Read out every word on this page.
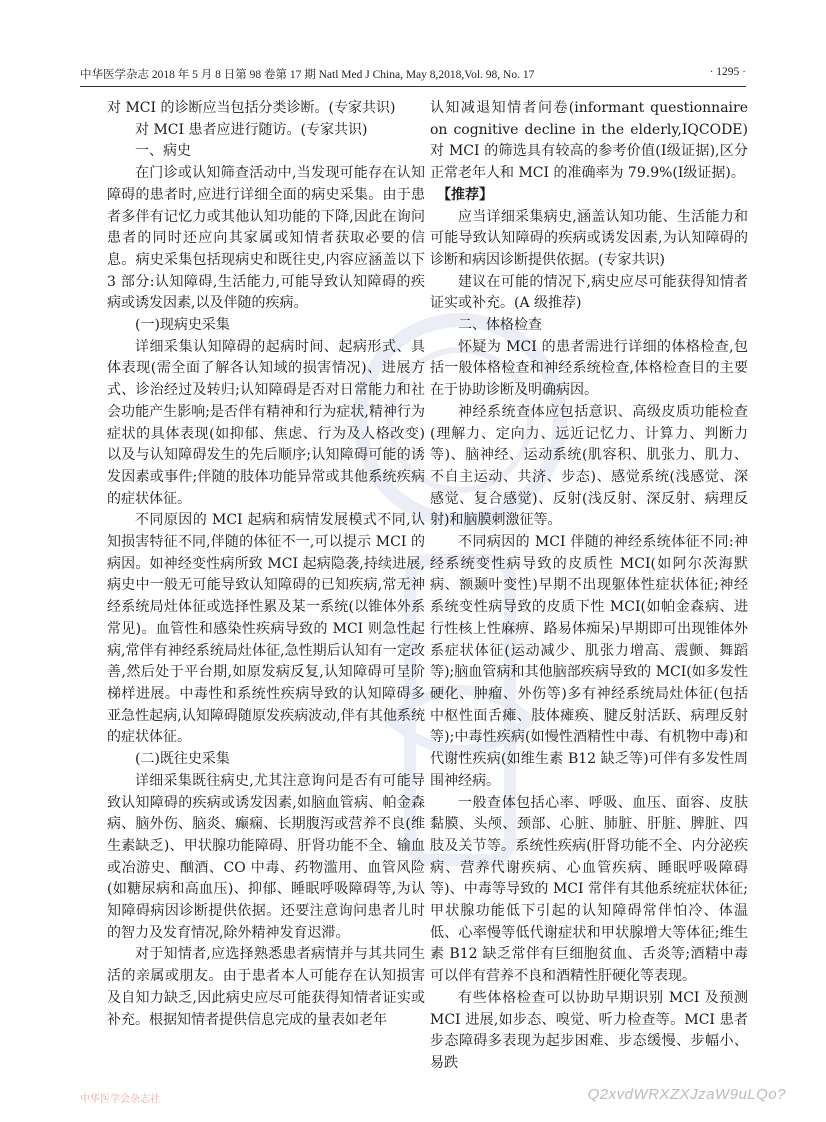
中华医学杂志 2018 年 5 月 8 日第 98 卷第 17 期 Natl Med J China, May 8,2018,Vol. 98, No. 17	· 1295 ·

对 MCI 的诊断应当包括分类诊断。(专家共识)

对 MCI 患者应进行随访。(专家共识)

一、病史

在门诊或认知筛查活动中,当发现可能存在认知障碍的患者时,应进行详细全面的病史采集。由于患者多伴有记忆力或其他认知功能的下降,因此在询问患者的同时还应向其家属或知情者获取必要的信息。病史采集包括现病史和既往史,内容应涵盖以下 3 部分:认知障碍,生活能力,可能导致认知障碍的疾病或诱发因素,以及伴随的疾病。

(一)现病史采集

详细采集认知障碍的起病时间、起病形式、具体表现(需全面了解各认知域的损害情况)、进展方式、诊治经过及转归;认知障碍是否对日常能力和社会功能产生影响;是否伴有精神和行为症状,精神行为症状的具体表现(如抑郁、焦虑、行为及人格改变)以及与认知障碍发生的先后顺序;认知障碍可能的诱发因素或事件;伴随的肢体功能异常或其他系统疾病的症状体征。

不同原因的 MCI 起病和病情发展模式不同,认知损害特征不同,伴随的体征不一,可以提示 MCI 的病因。如神经变性病所致 MCI 起病隐袭,持续进展,病史中一般无可能导致认知障碍的已知疾病,常无神经系统局灶体征或选择性累及某一系统(以锥体外系常见)。血管性和感染性疾病导致的 MCI 则急性起病,常伴有神经系统局灶体征,急性期后认知有一定改善,然后处于平台期,如原发病反复,认知障碍可呈阶梯样进展。中毒性和系统性疾病导致的认知障碍多亚急性起病,认知障碍随原发疾病波动,伴有其他系统的症状体征。

(二)既往史采集

详细采集既往病史,尤其注意询问是否有可能导致认知障碍的疾病或诱发因素,如脑血管病、帕金森病、脑外伤、脑炎、癫痫、长期腹泻或营养不良(维生素缺乏)、甲状腺功能障碍、肝肾功能不全、输血或冶游史、酗酒、CO 中毒、药物滥用、血管风险(如糖尿病和高血压)、抑郁、睡眠呼吸障碍等,为认知障碍病因诊断提供依据。还要注意询问患者儿时的智力及发育情况,除外精神发育迟滞。

对于知情者,应选择熟悉患者病情并与其共同生活的亲属或朋友。由于患者本人可能存在认知损害及自知力缺乏,因此病史应尽可能获得知情者证实或补充。根据知情者提供信息完成的量表如老年

认知减退知情者问卷(informant questionnaire on cognitive decline in the elderly,IQCODE)对 MCI 的筛选具有较高的参考价值(Ⅰ级证据),区分正常老年人和 MCI 的准确率为 79.9%(Ⅰ级证据)。

【推荐】

应当详细采集病史,涵盖认知功能、生活能力和可能导致认知障碍的疾病或诱发因素,为认知障碍的诊断和病因诊断提供依据。(专家共识)

建议在可能的情况下,病史应尽可能获得知情者证实或补充。(A 级推荐)

二、体格检查

怀疑为 MCI 的患者需进行详细的体格检查,包括一般体格检查和神经系统检查,体格检查目的主要在于协助诊断及明确病因。

神经系统查体应包括意识、高级皮质功能检查(理解力、定向力、远近记忆力、计算力、判断力等)、脑神经、运动系统(肌容积、肌张力、肌力、不自主运动、共济、步态)、感觉系统(浅感觉、深感觉、复合感觉)、反射(浅反射、深反射、病理反射)和脑膜刺激征等。

不同病因的 MCI 伴随的神经系统体征不同:神经系统变性病导致的皮质性 MCI(如阿尔茨海默病、额颞叶变性)早期不出现躯体性症状体征;神经系统变性病导致的皮质下性 MCI(如帕金森病、进行性核上性麻痹、路易体痴呆)早期即可出现锥体外系症状体征(运动减少、肌张力增高、震颤、舞蹈等);脑血管病和其他脑部疾病导致的 MCI(如多发性硬化、肿瘤、外伤等)多有神经系统局灶体征(包括中枢性面舌瘫、肢体瘫痪、腱反射活跃、病理反射等);中毒性疾病(如慢性酒精性中毒、有机物中毒)和代谢性疾病(如维生素 B12 缺乏等)可伴有多发性周围神经病。

一般查体包括心率、呼吸、血压、面容、皮肤黏膜、头颅、颈部、心脏、肺脏、肝脏、脾脏、四肢及关节等。系统性疾病(肝肾功能不全、内分泌疾病、营养代谢疾病、心血管疾病、睡眠呼吸障碍等)、中毒等导致的 MCI 常伴有其他系统症状体征;甲状腺功能低下引起的认知障碍常伴怕冷、体温低、心率慢等低代谢症状和甲状腺增大等体征;维生素 B12 缺乏常伴有巨细胞贫血、舌炎等;酒精中毒可以伴有营养不良和酒精性肝硬化等表现。

有些体格检查可以协助早期识别 MCI 及预测 MCI 进展,如步态、嗅觉、听力检查等。MCI 患者步态障碍多表现为起步困难、步态缓慢、步幅小、易跌

中华医学会杂志社	Q2xvdWRXZXJzaW9uLQo?
